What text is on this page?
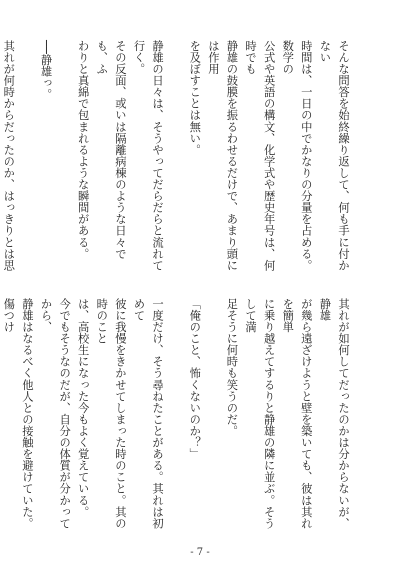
そんな問答を始終繰り返して、何も手に付かない
時間は、一日の中でかなりの分量を占める。数学の
公式や英語の構文、化学式や歴史年号は、何時でも
静雄の鼓膜を振るわせるだけで、あまり頭には作用
を及ぼすことは無い。

静雄の日々は、そうやってだらだらと流れて行く。
その反面、或いは隔離病棟のような日々でも、ふ
わりと真綿で包まれるような瞬間がある。

──静雄っ。

其れが何時からだったのか、はっきりとは思

其れが如何してだったのかは分からないが、静雄
が幾ら遠ざけようと壁を築いても、彼は其れを簡単
に乗り越えてするりと静雄の隣に並ぶ。そうして満
足そうに何時も笑うのだ。

「俺のこと、怖くないのか？」

一度だけ、そう尋ねたことがある。其れは初めて
彼に我慢をきかせてしまった時のこと。其の時のこと
は、高校生になった今もよく覚えている。
今でもそうなのだが、自分の体質が分かってから、
静雄はなるべく他人との接触を避けていた。傷つけ
- 7 -
